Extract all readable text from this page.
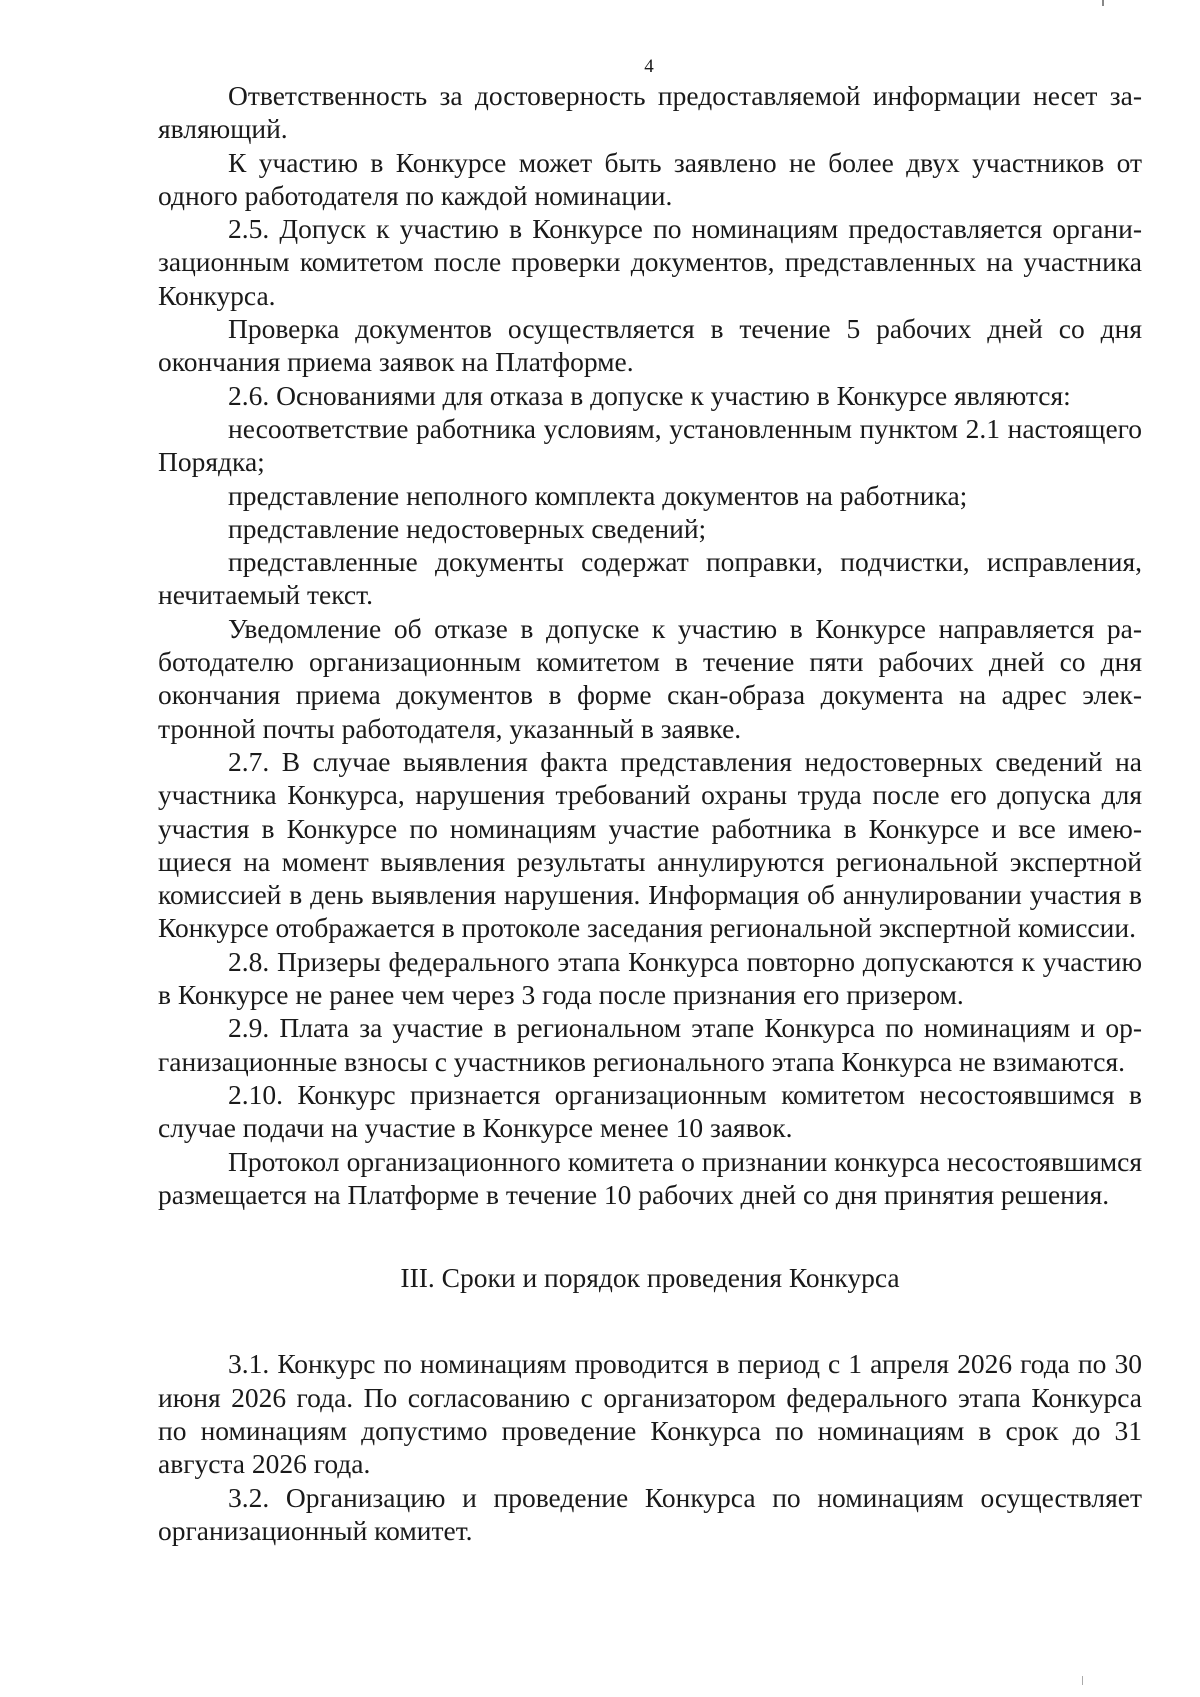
4

Ответственность за достоверность предоставляемой информации несет заявляющий.

К участию в Конкурсе может быть заявлено не более двух участников от одного работодателя по каждой номинации.

2.5. Допуск к участию в Конкурсе по номинациям предоставляется организационным комитетом после проверки документов, представленных на участника Конкурса.

Проверка документов осуществляется в течение 5 рабочих дней со дня окончания приема заявок на Платформе.

2.6. Основаниями для отказа в допуске к участию в Конкурсе являются:

несоответствие работника условиям, установленным пунктом 2.1 настоящего Порядка;

представление неполного комплекта документов на работника;

представление недостоверных сведений;

представленные документы содержат поправки, подчистки, исправления, нечитаемый текст.

Уведомление об отказе в допуске к участию в Конкурсе направляется работодателю организационным комитетом в течение пяти рабочих дней со дня окончания приема документов в форме скан-образа документа на адрес электронной почты работодателя, указанный в заявке.

2.7. В случае выявления факта представления недостоверных сведений на участника Конкурса, нарушения требований охраны труда после его допуска для участия в Конкурсе по номинациям участие работника в Конкурсе и все имеющиеся на момент выявления результаты аннулируются региональной экспертной комиссией в день выявления нарушения. Информация об аннулировании участия в Конкурсе отображается в протоколе заседания региональной экспертной комиссии.

2.8. Призеры федерального этапа Конкурса повторно допускаются к участию в Конкурсе не ранее чем через 3 года после признания его призером.

2.9. Плата за участие в региональном этапе Конкурса по номинациям и организационные взносы с участников регионального этапа Конкурса не взимаются.

2.10. Конкурс признается организационным комитетом несостоявшимся в случае подачи на участие в Конкурсе менее 10 заявок.

Протокол организационного комитета о признании конкурса несостоявшимся размещается на Платформе в течение 10 рабочих дней со дня принятия решения.

III. Сроки и порядок проведения Конкурса

3.1. Конкурс по номинациям проводится в период с 1 апреля 2026 года по 30 июня 2026 года. По согласованию с организатором федерального этапа Конкурса по номинациям допустимо проведение Конкурса по номинациям в срок до 31 августа 2026 года.

3.2. Организацию и проведение Конкурса по номинациям осуществляет организационный комитет.
